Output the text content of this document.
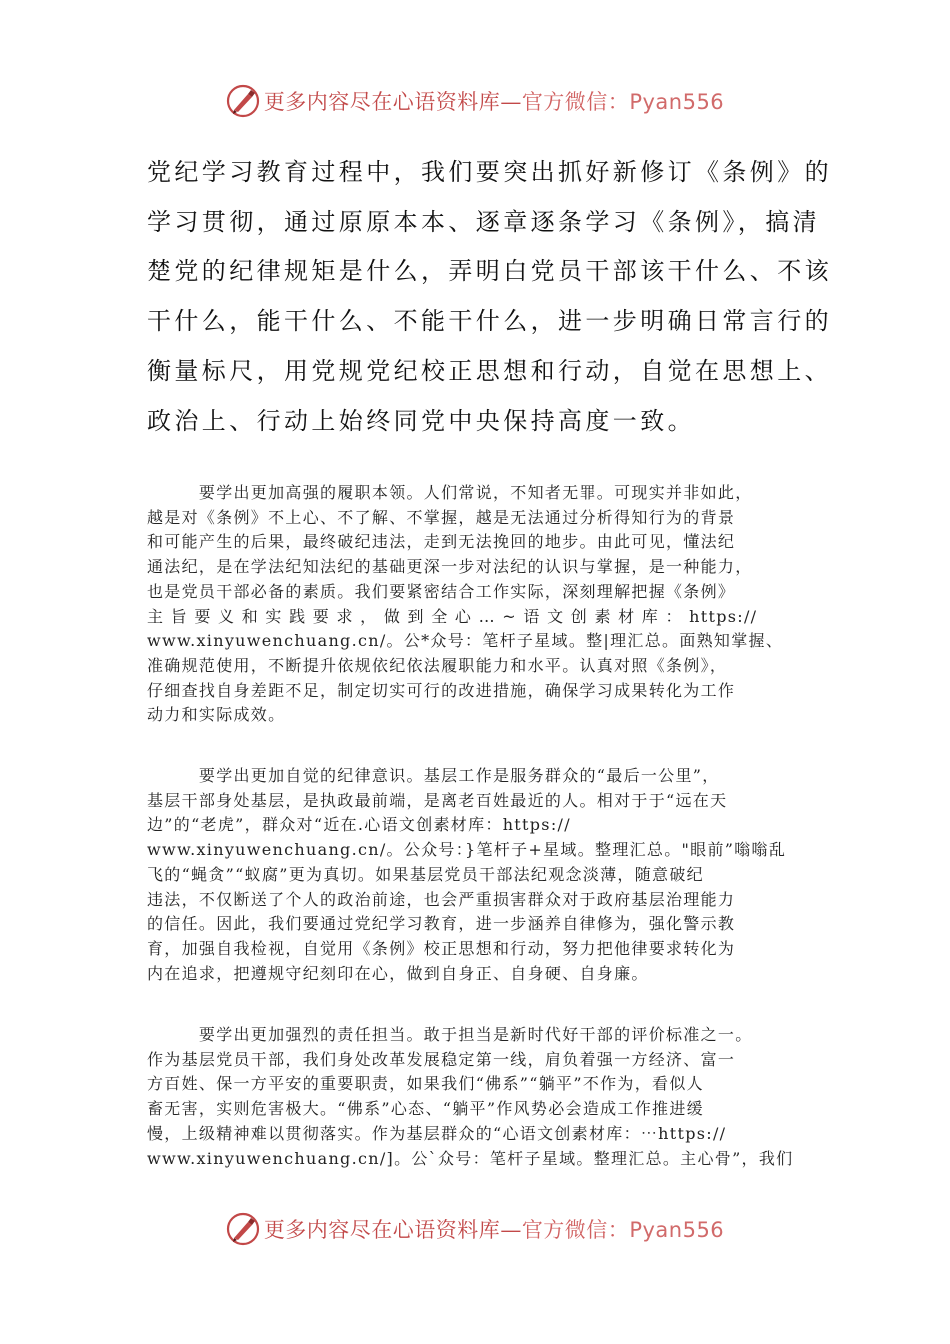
更多内容尽在心语资料库—官方微信：Pyan556

党纪学习教育过程中，我们要突出抓好新修订《条例》的

学习贯彻，通过原原本本、逐章逐条学习《条例》，搞清

楚党的纪律规矩是什么，弄明白党员干部该干什么、不该

干什么，能干什么、不能干什么，进一步明确日常言行的

衡量标尺，用党规党纪校正思想和行动，自觉在思想上、

政治上、行动上始终同党中央保持高度一致。

　　　要学出更加高强的履职本领。人们常说，不知者无罪。可现实并非如此，

越是对《条例》不上心、不了解、不掌握，越是无法通过分析得知行为的背景

和可能产生的后果，最终破纪违法，走到无法挽回的地步。由此可见，懂法纪

通法纪，是在学法纪知法纪的基础更深一步对法纪的认识与掌握，是一种能力，

也是党员干部必备的素质。我们要紧密结合工作实际，深刻理解把握《条例》

主 旨 要 义 和 实 践 要 求 ， 做 到 全 心 … ~ 语 文 创 素 材 库 ： https://

www.xinyuwenchuang.cn/。公*众号：笔杆子星域。整|理汇总。面熟知掌握、

准确规范使用，不断提升依规依纪依法履职能力和水平。认真对照《条例》，

仔细查找自身差距不足，制定切实可行的改进措施，确保学习成果转化为工作

动力和实际成效。

　　　要学出更加自觉的纪律意识。基层工作是服务群众的“最后一公里”，

基层干部身处基层，是执政最前端，是离老百姓最近的人。相对于于“远在天

边”的“老虎”，群众对“近在.心语文创素材库：https://

www.xinyuwenchuang.cn/。公众号：}笔杆子+星域。整理汇总。"眼前”嗡嗡乱

飞的“蝇贪”“蚁腐”更为真切。如果基层党员干部法纪观念淡薄，随意破纪

违法，不仅断送了个人的政治前途，也会严重损害群众对于政府基层治理能力

的信任。因此，我们要通过党纪学习教育，进一步涵养自律修为，强化警示教

育，加强自我检视，自觉用《条例》校正思想和行动，努力把他律要求转化为

内在追求，把遵规守纪刻印在心，做到自身正、自身硬、自身廉。

　　　要学出更加强烈的责任担当。敢于担当是新时代好干部的评价标准之一。

作为基层党员干部，我们身处改革发展稳定第一线，肩负着强一方经济、富一

方百姓、保一方平安的重要职责，如果我们“佛系”“躺平”不作为，看似人

畜无害，实则危害极大。“佛系”心态、“躺平”作风势必会造成工作推进缓

慢，上级精神难以贯彻落实。作为基层群众的“心语文创素材库：⋯https://

www.xinyuwenchuang.cn/]。公`众号：笔杆子星域。整理汇总。主心骨”，我们

更多内容尽在心语资料库—官方微信：Pyan556
